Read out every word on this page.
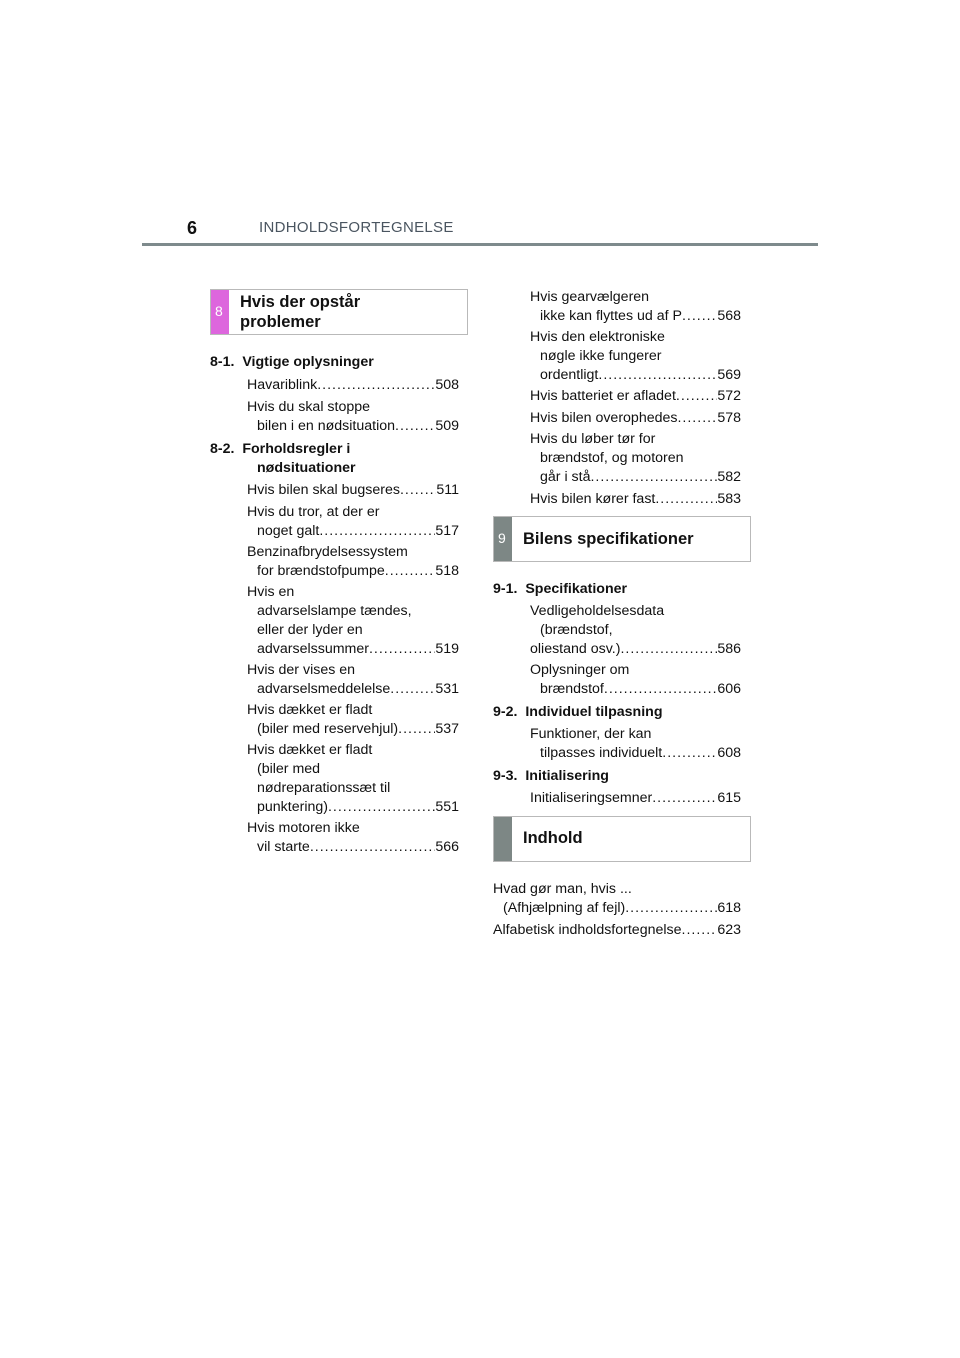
6	INDHOLDSFORTEGNELSE
8 Hvis der opstår
problemer
8-1. Vigtige oplysninger
Havariblink .....	508
Hvis du skal stoppe
bilen i en nødsituation .....	509
8-2. Forholdsregler i
nødsituationer
Hvis bilen skal bugseres .....	511
Hvis du tror, at der er
noget galt .....	517
Benzinafbrydelsessystem
for brændstofpumpe .....	518
Hvis en
advarselslampe tændes,
eller der lyder en
advarselssummer .....	519
Hvis der vises en
advarselsmeddelelse .....	531
Hvis dækket er fladt
(biler med reservehjul) .....	537
Hvis dækket er fladt
(biler med
nødreparationssæt til
punktering) .....	551
Hvis motoren ikke
vil starte .....	566
Hvis gearvælgeren
ikke kan flyttes ud af P ..... 568
Hvis den elektroniske
nøgle ikke fungerer
ordentligt .....	569
Hvis batteriet er afladet .....	572
Hvis bilen overophedes .....	578
Hvis du løber tør for
brændstof, og motoren
går i stå .....	582
Hvis bilen kører fast .....	583
9 Bilens specifikationer
9-1. Specifikationer
Vedligeholdelsesdata
(brændstof,
oliestand osv.) .....	586
Oplysninger om
brændstof .....	606
9-2. Individuel tilpasning
Funktioner, der kan
tilpasses individuelt .....	608
9-3. Initialisering
Initialiseringsemner .....	615
Indhold
Hvad gør man, hvis ...
(Afhjælpning af fejl) .....	618
Alfabetisk indholdsfortegnelse .....	623
